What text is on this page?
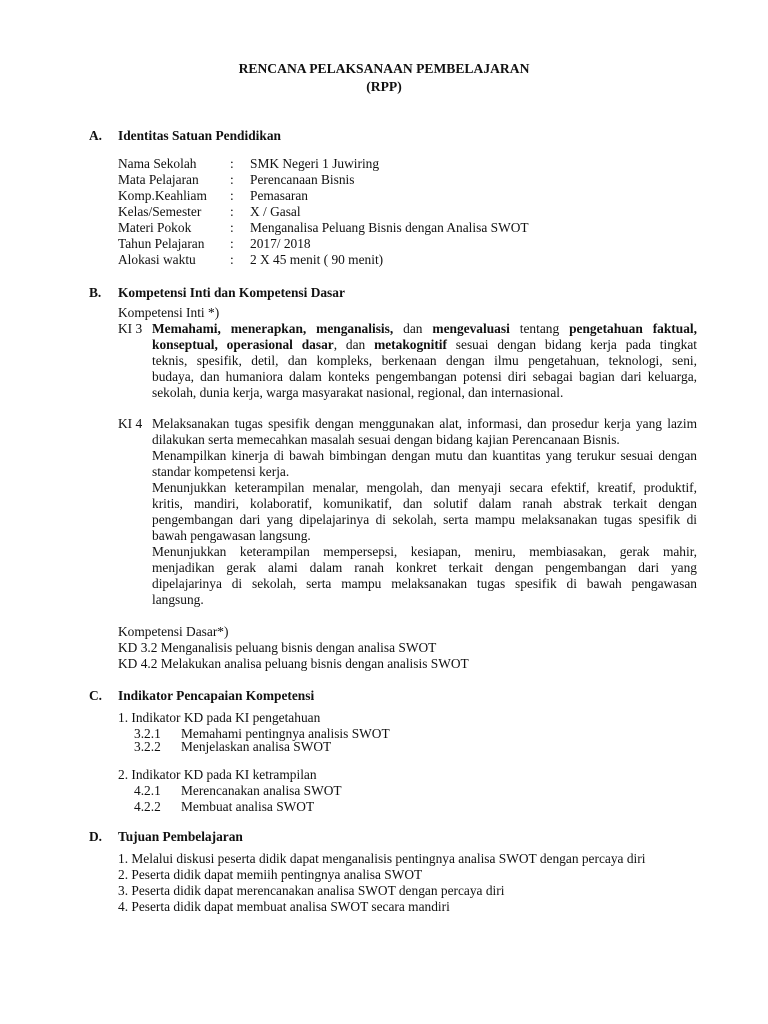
RENCANA PELAKSANAAN PEMBELAJARAN
(RPP)
A.	Identitas Satuan Pendidikan
Nama Sekolah	:	SMK Negeri 1 Juwiring
Mata Pelajaran	:	Perencanaan Bisnis
Komp.Keahliam	:	Pemasaran
Kelas/Semester	:	X / Gasal
Materi Pokok	:	Menganalisa Peluang Bisnis dengan Analisa SWOT
Tahun Pelajaran	:	2017/ 2018
Alokasi waktu	:	2 X 45 menit ( 90 menit)
B.	Kompetensi Inti dan Kompetensi Dasar
Kompetensi Inti *)
KI 3 Memahami, menerapkan, menganalisis, dan mengevaluasi tentang pengetahuan faktual,
konseptual, operasional dasar, dan metakognitif sesuai dengan bidang kerja pada tingkat
teknis, spesifik, detil, dan kompleks, berkenaan dengan ilmu pengetahuan, teknologi, seni,
budaya, dan humaniora dalam konteks pengembangan potensi diri sebagai bagian dari keluarga,
sekolah, dunia kerja, warga masyarakat nasional, regional, dan internasional.
KI 4 Melaksanakan tugas spesifik dengan menggunakan alat, informasi, dan prosedur kerja yang lazim
dilakukan serta memecahkan masalah sesuai dengan bidang kajian Perencanaan Bisnis.
Menampilkan kinerja di bawah bimbingan dengan mutu dan kuantitas yang terukur sesuai dengan
standar kompetensi kerja.
Menunjukkan keterampilan menalar, mengolah, dan menyaji secara efektif, kreatif, produktif,
kritis, mandiri, kolaboratif, komunikatif, dan solutif dalam ranah abstrak terkait dengan
pengembangan dari yang dipelajarinya di sekolah, serta mampu melaksanakan tugas spesifik di
bawah pengawasan langsung.
Menunjukkan keterampilan mempersepsi, kesiapan, meniru, membiasakan, gerak mahir,
menjadikan gerak alami dalam ranah konkret terkait dengan pengembangan dari yang
dipelajarinya di sekolah, serta mampu melaksanakan tugas spesifik di bawah pengawasan
langsung.
Kompetensi Dasar*)
KD 3.2 Menganalisis peluang bisnis dengan analisa SWOT
KD 4.2 Melakukan analisa peluang bisnis dengan analisis SWOT
C.	Indikator Pencapaian Kompetensi
1. Indikator KD pada KI pengetahuan
3.2.1 Memahami pentingnya analisis SWOT
3.2.2 Menjelaskan analisa SWOT
2. Indikator KD pada KI ketrampilan
4.2.1 Merencanakan analisa SWOT
4.2.2 Membuat analisa SWOT
D.	Tujuan Pembelajaran
1. Melalui diskusi peserta didik dapat menganalisis pentingnya analisa SWOT dengan percaya diri
2. Peserta didik dapat memiih pentingnya analisa SWOT
3. Peserta didik dapat merencanakan analisa SWOT dengan percaya diri
4. Peserta didik dapat membuat analisa SWOT secara mandiri
